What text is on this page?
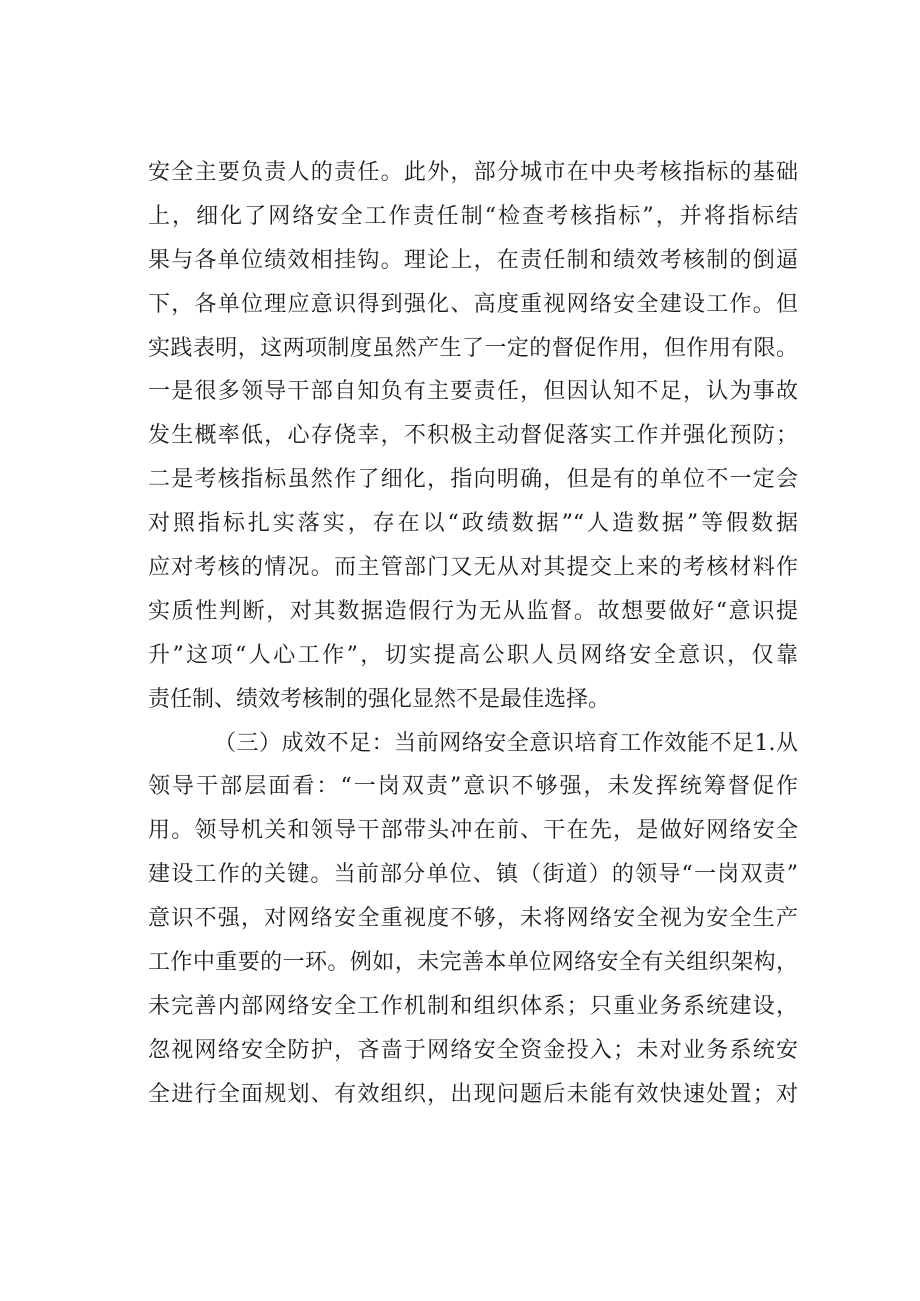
安全主要负责人的责任。此外，部分城市在中央考核指标的基础
上，细化了网络安全工作责任制“检查考核指标”，并将指标结
果与各单位绩效相挂钩。理论上，在责任制和绩效考核制的倒逼
下，各单位理应意识得到强化、高度重视网络安全建设工作。但
实践表明，这两项制度虽然产生了一定的督促作用，但作用有限。
一是很多领导干部自知负有主要责任，但因认知不足，认为事故
发生概率低，心存侥幸，不积极主动督促落实工作并强化预防；
二是考核指标虽然作了细化，指向明确，但是有的单位不一定会
对照指标扎实落实，存在以“政绩数据”“人造数据”等假数据
应对考核的情况。而主管部门又无从对其提交上来的考核材料作
实质性判断，对其数据造假行为无从监督。故想要做好“意识提
升”这项“人心工作”，切实提高公职人员网络安全意识，仅靠
责任制、绩效考核制的强化显然不是最佳选择。
（三）成效不足：当前网络安全意识培育工作效能不足1.从
领导干部层面看：“一岗双责”意识不够强，未发挥统筹督促作
用。领导机关和领导干部带头冲在前、干在先，是做好网络安全
建设工作的关键。当前部分单位、镇（街道）的领导“一岗双责”
意识不强，对网络安全重视度不够，未将网络安全视为安全生产
工作中重要的一环。例如，未完善本单位网络安全有关组织架构，
未完善内部网络安全工作机制和组织体系；只重业务系统建设，
忽视网络安全防护，吝啬于网络安全资金投入；未对业务系统安
全进行全面规划、有效组织，出现问题后未能有效快速处置；对
